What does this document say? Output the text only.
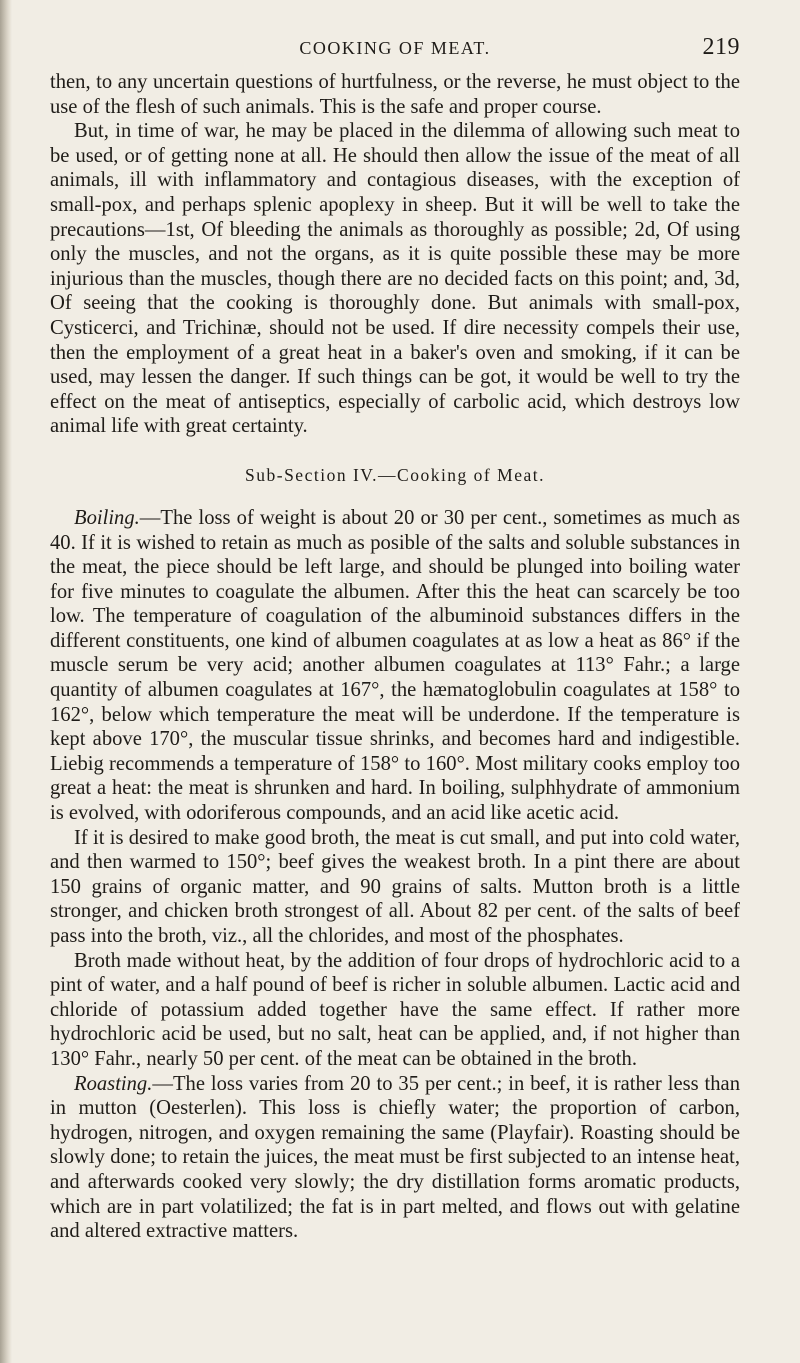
COOKING OF MEAT.	219

then, to any uncertain questions of hurtfulness, or the reverse, he must object to the use of the flesh of such animals. This is the safe and proper course.

But, in time of war, he may be placed in the dilemma of allowing such meat to be used, or of getting none at all. He should then allow the issue of the meat of all animals, ill with inflammatory and contagious diseases, with the exception of small-pox, and perhaps splenic apoplexy in sheep. But it will be well to take the precautions—1st, Of bleeding the animals as thoroughly as possible; 2d, Of using only the muscles, and not the organs, as it is quite possible these may be more injurious than the muscles, though there are no decided facts on this point; and, 3d, Of seeing that the cooking is thoroughly done. But animals with small-pox, Cysticerci, and Trichinæ, should not be used. If dire necessity compels their use, then the employment of a great heat in a baker's oven and smoking, if it can be used, may lessen the danger. If such things can be got, it would be well to try the effect on the meat of antiseptics, especially of carbolic acid, which destroys low animal life with great certainty.

Sub-Section IV.—Cooking of Meat.

Boiling.—The loss of weight is about 20 or 30 per cent., sometimes as much as 40. If it is wished to retain as much as posible of the salts and soluble substances in the meat, the piece should be left large, and should be plunged into boiling water for five minutes to coagulate the albumen. After this the heat can scarcely be too low. The temperature of coagulation of the albuminoid substances differs in the different constituents, one kind of albumen coagulates at as low a heat as 86° if the muscle serum be very acid; another albumen coagulates at 113° Fahr.; a large quantity of albumen coagulates at 167°, the hæmatoglobulin coagulates at 158° to 162°, below which temperature the meat will be underdone. If the temperature is kept above 170°, the muscular tissue shrinks, and becomes hard and indigestible. Liebig recommends a temperature of 158° to 160°. Most military cooks employ too great a heat: the meat is shrunken and hard. In boiling, sulphhydrate of ammonium is evolved, with odoriferous compounds, and an acid like acetic acid.

If it is desired to make good broth, the meat is cut small, and put into cold water, and then warmed to 150°; beef gives the weakest broth. In a pint there are about 150 grains of organic matter, and 90 grains of salts. Mutton broth is a little stronger, and chicken broth strongest of all. About 82 per cent. of the salts of beef pass into the broth, viz., all the chlorides, and most of the phosphates.

Broth made without heat, by the addition of four drops of hydrochloric acid to a pint of water, and a half pound of beef is richer in soluble albumen. Lactic acid and chloride of potassium added together have the same effect. If rather more hydrochloric acid be used, but no salt, heat can be applied, and, if not higher than 130° Fahr., nearly 50 per cent. of the meat can be obtained in the broth.

Roasting.—The loss varies from 20 to 35 per cent.; in beef, it is rather less than in mutton (Oesterlen). This loss is chiefly water; the proportion of carbon, hydrogen, nitrogen, and oxygen remaining the same (Playfair). Roasting should be slowly done; to retain the juices, the meat must be first subjected to an intense heat, and afterwards cooked very slowly; the dry distillation forms aromatic products, which are in part volatilized; the fat is in part melted, and flows out with gelatine and altered extractive matters.
